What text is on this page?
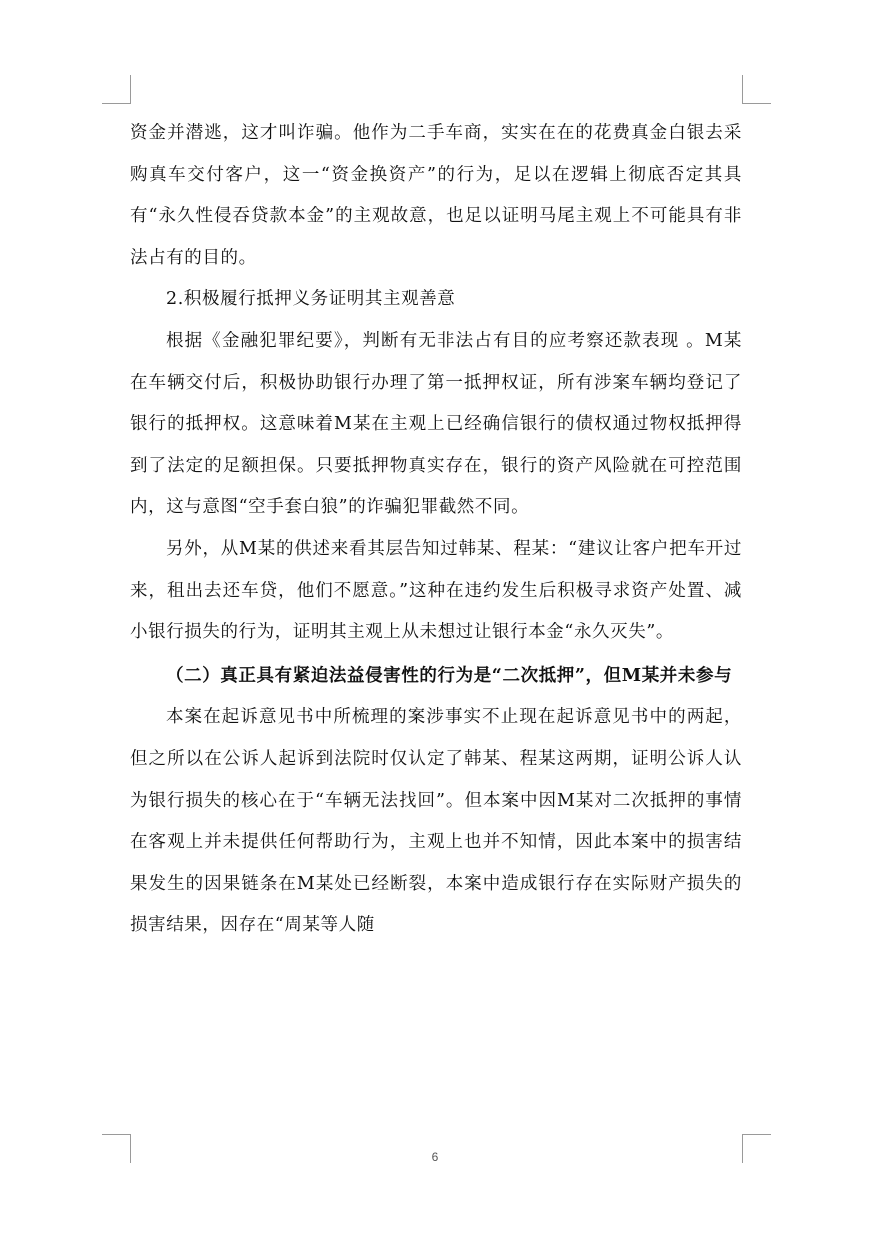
资金并潜逃，这才叫诈骗。他作为二手车商，实实在在的花费真金白银去采购真车交付客户，这一“资金换资产”的行为，足以在逻辑上彻底否定其具有“永久性侵吞贷款本金”的主观故意，也足以证明马尾主观上不可能具有非法占有的目的。

2.积极履行抵押义务证明其主观善意

根据《金融犯罪纪要》，判断有无非法占有目的应考察还款表现 。M某在车辆交付后，积极协助银行办理了第一抵押权证，所有涉案车辆均登记了银行的抵押权。这意味着M某在主观上已经确信银行的债权通过物权抵押得到了法定的足额担保。只要抵押物真实存在，银行的资产风险就在可控范围内，这与意图“空手套白狼”的诈骗犯罪截然不同。

另外，从M某的供述来看其层告知过韩某、程某：“建议让客户把车开过来，租出去还车贷，他们不愿意。”这种在违约发生后积极寻求资产处置、减小银行损失的行为，证明其主观上从未想过让银行本金“永久灭失”。

（二）真正具有紧迫法益侵害性的行为是“二次抵押”，但M某并未参与

本案在起诉意见书中所梳理的案涉事实不止现在起诉意见书中的两起，但之所以在公诉人起诉到法院时仅认定了韩某、程某这两期，证明公诉人认为银行损失的核心在于“车辆无法找回”。但本案中因M某对二次抵押的事情在客观上并未提供任何帮助行为，主观上也并不知情，因此本案中的损害结果发生的因果链条在M某处已经断裂，本案中造成银行存在实际财产损失的损害结果，因存在“周某等人随

6
